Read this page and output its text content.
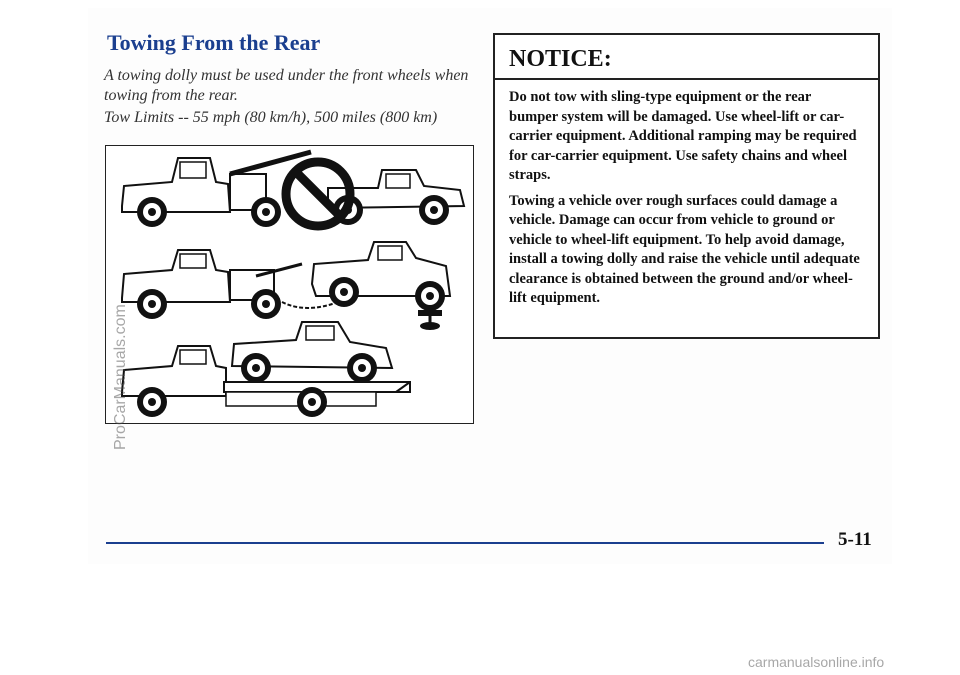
Towing From the Rear

A towing dolly must be used under the front wheels when towing from the rear.

Tow Limits -- 55 mph (80 km/h), 500 miles (800 km)

NOTICE:

Do not tow with sling-type equipment or the rear bumper system will be damaged. Use wheel-lift or car-carrier equipment. Additional ramping may be required for car-carrier equipment. Use safety chains and wheel straps.

Towing a vehicle over rough surfaces could damage a vehicle. Damage can occur from vehicle to ground or vehicle to wheel-lift equipment. To help avoid damage, install a towing dolly and raise the vehicle until adequate clearance is obtained between the ground and/or wheel-lift equipment.

5-11
ProCarManuals.com
carmanualsonline.info
